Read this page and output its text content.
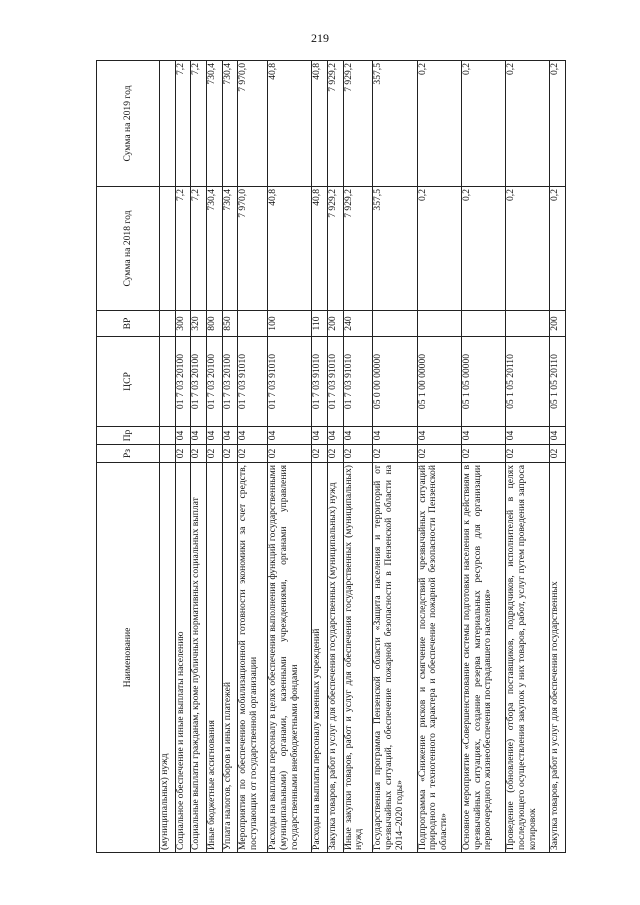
219
Наименование	Рз	Пр	ЦСР	ВР	Сумма на 2018 год	Сумма на 2019 год
(муниципальных) нужд						
Социальное обеспечение и иные выплаты населению	02	04	01 7 03 20100	300	7,2	7,2
Социальные выплаты гражданам, кроме публичных нормативных социальных выплат	02	04	01 7 03 20100	320	7,2	7,2
Иные бюджетные ассигнования	02	04	01 7 03 20100	800	730,4	730,4
Уплата налогов, сборов и иных платежей	02	04	01 7 03 20100	850	730,4	730,4
Мероприятия по обеспечению мобилизационной готовности экономики за счет средств, поступающих от государственной организации	02	04	01 7 03 91010		7 970,0	7 970,0
Расходы на выплаты персоналу в целях обеспечения выполнения функций государственными (муниципальными) органами, казенными учреждениями, органами управления государственными внебюджетными фондами	02	04	01 7 03 91010	100	40,8	40,8
Расходы на выплаты персоналу казенных учреждений	02	04	01 7 03 91010	110	40,8	40,8
Закупка товаров, работ и услуг для обеспечения государственных (муниципальных) нужд	02	04	01 7 03 91010	200	7 929,2	7 929,2
Иные закупки товаров, работ и услуг для обеспечения государственных (муниципальных) нужд	02	04	01 7 03 91010	240	7 929,2	7 929,2
Государственная программа Пензенской области «Защита населения и территорий от чрезвычайных ситуаций, обеспечение пожарной безопасности в Пензенской области на 2014–2020 годы»	02	04	05 0 00 00000		357,5	357,5
Подпрограмма «Снижение рисков и смягчение последствий чрезвычайных ситуаций природного и техногенного характера и обеспечение пожарной безопасности Пензенской области»	02	04	05 1 00 00000		0,2	0,2
Основное мероприятие «Совершенствование системы подготовки населения к действиям в чрезвычайных ситуациях, создание резерва материальных ресурсов для организации первоочередного жизнеобеспечения пострадавшего населения»	02	04	05 1 05 00000		0,2	0,2
Проведение (обновление) отбора поставщиков, подрядчиков, исполнителей в целях последующего осуществления закупок у них товаров, работ, услуг путем проведения запроса котировок	02	04	05 1 05 20110		0,2	0,2
Закупка товаров, работ и услуг для обеспечения государственных	02	04	05 1 05 20110	200	0,2	0,2
